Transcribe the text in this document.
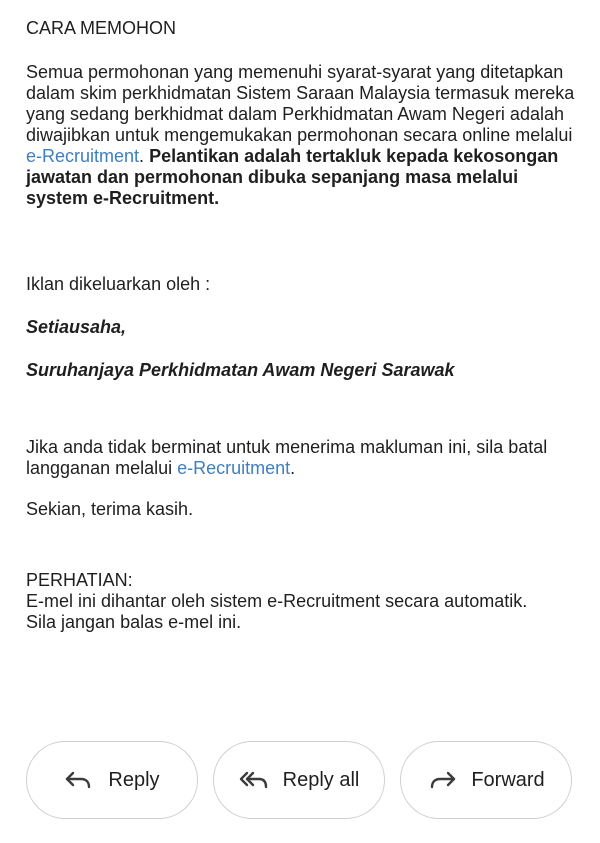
CARA MEMOHON

Semua permohonan yang memenuhi syarat-syarat yang ditetapkan dalam skim perkhidmatan Sistem Saraan Malaysia termasuk mereka yang sedang berkhidmat dalam Perkhidmatan Awam Negeri adalah diwajibkan untuk mengemukakan permohonan secara online melalui e-Recruitment. Pelantikan adalah tertakluk kepada kekosongan jawatan dan permohonan dibuka sepanjang masa melalui system e-Recruitment.

Iklan dikeluarkan oleh :

Setiausaha,

Suruhanjaya Perkhidmatan Awam Negeri Sarawak

Jika anda tidak berminat untuk menerima makluman ini, sila batal langganan melalui e-Recruitment.

Sekian, terima kasih.

PERHATIAN:

E-mel ini dihantar oleh sistem e-Recruitment secara automatik.

Sila jangan balas e-mel ini.

Reply	Reply all	Forward
